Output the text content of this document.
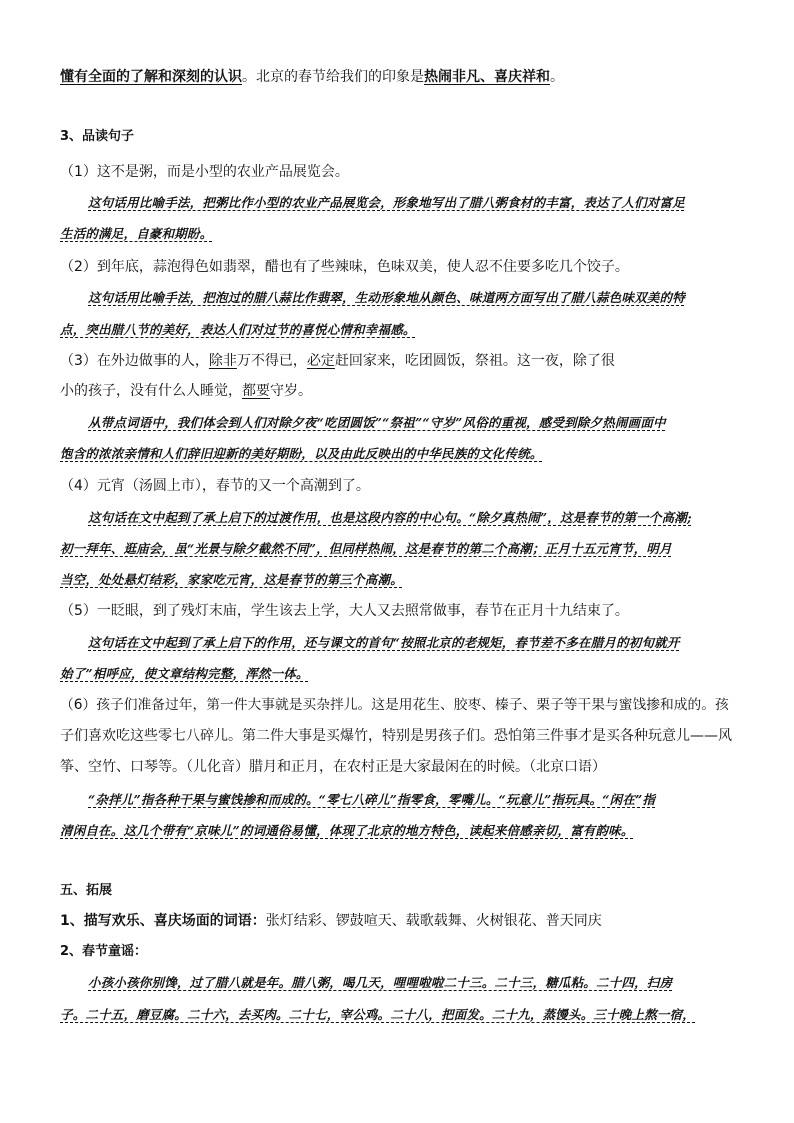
懂有全面的了解和深刻的认识。北京的春节给我们的印象是热闹非凡、喜庆祥和。
3、品读句子
（1）这不是粥，而是小型的农业产品展览会。
这句话用比喻手法，把粥比作小型的农业产品展览会，形象地写出了腊八粥食材的丰富，表达了人们对富足
生活的满足，自豪和期盼。
（2）到年底，蒜泡得色如翡翠，醋也有了些辣味，色味双美，使人忍不住要多吃几个饺子。
这句话用比喻手法，把泡过的腊八蒜比作翡翠，生动形象地从颜色、味道两方面写出了腊八蒜色味双美的特
点，突出腊八节的美好，表达人们对过节的喜悦心情和幸福感。
（3）在外边做事的人，除非万不得已，必定赶回家来，吃团圆饭，祭祖。这一夜，除了很
小的孩子，没有什么人睡觉，都要守岁。
从带点词语中，我们体会到人们对除夕夜“吃团圆饭”“祭祖”“守岁”风俗的重视，感受到除夕热闹画面中
饱含的浓浓亲情和人们辞旧迎新的美好期盼，以及由此反映出的中华民族的文化传统。
（4）元宵（汤圆上市），春节的又一个高潮到了。
这句话在文中起到了承上启下的过渡作用，也是这段内容的中心句。“除夕真热闹”，这是春节的第一个高潮;
初一拜年、逛庙会，虽“光景与除夕截然不同”，但同样热闹，这是春节的第二个高潮；正月十五元宵节，明月
当空，处处悬灯结彩，家家吃元宵，这是春节的第三个高潮。
（5）一眨眼，到了残灯末庙，学生该去上学，大人又去照常做事，春节在正月十九结束了。
这句话在文中起到了承上启下的作用，还与课文的首句“按照北京的老规矩，春节差不多在腊月的初旬就开
始了”相呼应，使文章结构完整，浑然一体。
（6）孩子们准备过年，第一件大事就是买杂拌儿。这是用花生、胶枣、榛子、栗子等干果与蜜饯掺和成的。孩
子们喜欢吃这些零七八碎儿。第二件大事是买爆竹，特别是男孩子们。恐怕第三件事才是买各种玩意儿——风
筝、空竹、口琴等。（儿化音）腊月和正月，在农村正是大家最闲在的时候。（北京口语）
“杂拌儿”指各种干果与蜜饯掺和而成的。“零七八碎儿”指零食，零嘴儿。“玩意儿”指玩具。“闲在”指
清闲自在。这几个带有“京味儿”的词通俗易懂，体现了北京的地方特色，读起来倍感亲切，富有韵味。
五、拓展
1、描写欢乐、喜庆场面的词语：张灯结彩、锣鼓喧天、载歌载舞、火树银花、普天同庆
2、春节童谣：
小孩小孩你别馋，过了腊八就是年。腊八粥，喝几天，哩哩啦啦二十三。二十三，糖瓜粘。二十四，扫房
子。二十五，磨豆腐。二十六，去买肉。二十七，宰公鸡。二十八，把面发。二十九，蒸馒头。三十晚上熬一宿，
